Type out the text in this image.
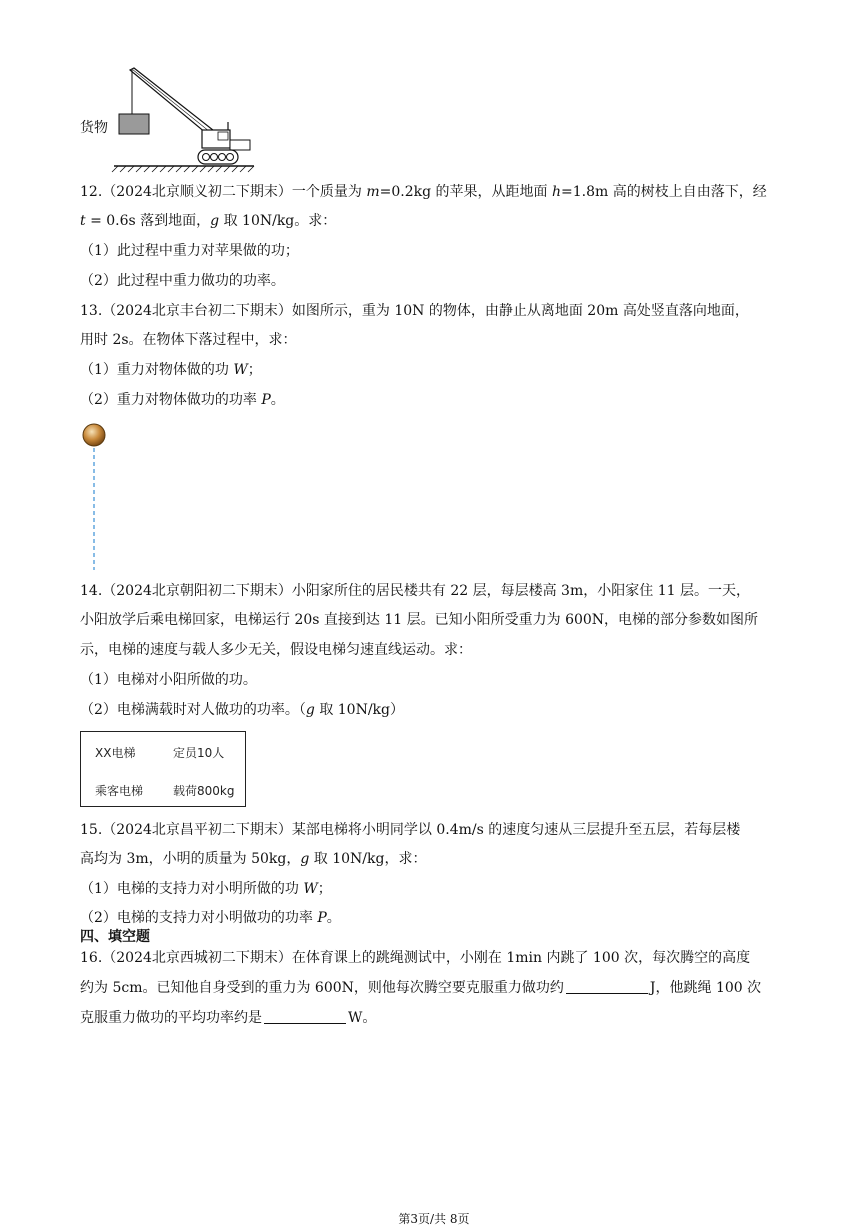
货物
12.（2024北京顺义初二下期末）一个质量为 m=0.2kg 的苹果，从距地面 h=1.8m 高的树枝上自由落下，经
t = 0.6s 落到地面，g 取 10N/kg。求：
（1）此过程中重力对苹果做的功；
（2）此过程中重力做功的功率。
13.（2024北京丰台初二下期末）如图所示，重为 10N 的物体，由静止从离地面 20m 高处竖直落向地面，
用时 2s。在物体下落过程中，求：
（1）重力对物体做的功 W；
（2）重力对物体做功的功率 P。
14.（2024北京朝阳初二下期末）小阳家所住的居民楼共有 22 层，每层楼高 3m，小阳家住 11 层。一天，
小阳放学后乘电梯回家，电梯运行 20s 直接到达 11 层。已知小阳所受重力为 600N，电梯的部分参数如图所
示，电梯的速度与载人多少无关，假设电梯匀速直线运动。求：
（1）电梯对小阳所做的功。
（2）电梯满载时对人做功的功率。（g 取 10N/kg）
XX电梯	定员10人
乘客电梯 载荷800kg
15.（2024北京昌平初二下期末）某部电梯将小明同学以 0.4m/s 的速度匀速从三层提升至五层，若每层楼
高均为 3m，小明的质量为 50kg，g 取 10N/kg，求：
（1）电梯的支持力对小明所做的功 W；
（2）电梯的支持力对小明做功的功率 P。
四、填空题
16.（2024北京西城初二下期末）在体育课上的跳绳测试中，小刚在 1min 内跳了 100 次，每次腾空的高度
约为 5cm。已知他自身受到的重力为 600N，则他每次腾空要克服重力做功约	J，他跳绳 100 次
克服重力做功的平均功率约是	W。
第3页/共 8页
